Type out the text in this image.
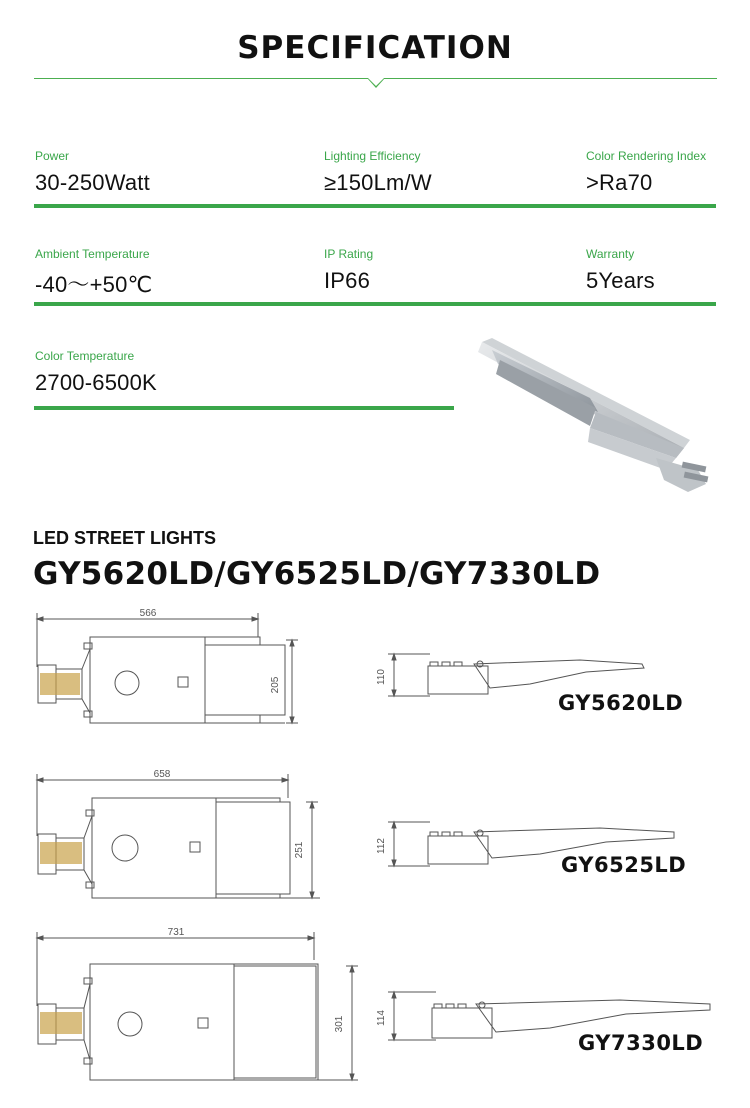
SPECIFICATION
Power
30-250Watt
Lighting Efficiency
≥150Lm/W
Color Rendering Index
>Ra70
Ambient Temperature
-40〜+50℃
IP Rating
IP66
Warranty
5Years
Color Temperature
2700-6500K
LED STREET LIGHTS
GY5620LD/GY6525LD/GY7330LD
566
205	110
GY5620LD
658
251	112
GY6525LD
731
301	114
GY7330LD
